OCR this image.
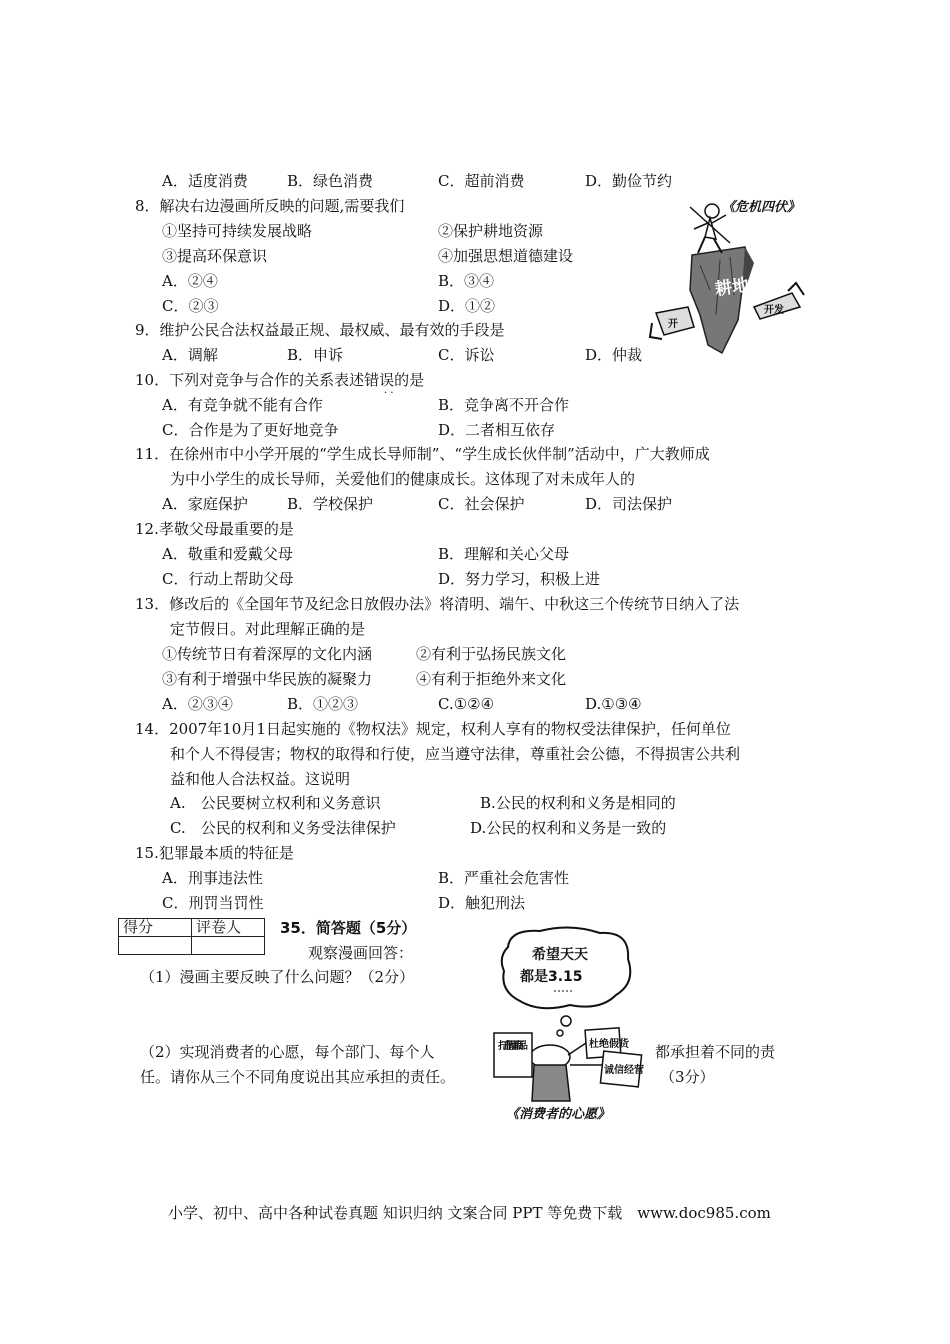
A．适度消费	B．绿色消费	C．超前消费	D．勤俭节约
8．解决右边漫画所反映的问题,需要我们
①坚持可持续发展战略	②保护耕地资源
③提高环保意识	④加强思想道德建设
A．②④	B．③④
C．②③	D．①②
《危机四伏》
耕地
开
开发
9．维护公民合法权益最正规、最权威、最有效的手段是
A．调解	B．申诉	C．诉讼	D．仲裁
10．下列对竞争与合作的关系表述错误的是
· ·
A．有竞争就不能有合作	B．竞争离不开合作
C．合作是为了更好地竞争	D．二者相互依存
11．在徐州市中小学开展的“学生成长导师制”、“学生成长伙伴制”活动中，广大教师成
为中小学生的成长导师，关爱他们的健康成长。这体现了对未成年人的
A．家庭保护	B．学校保护	C．社会保护	D．司法保护
12.孝敬父母最重要的是
A．敬重和爱戴父母	B．理解和关心父母
C．行动上帮助父母	D．努力学习，积极上进
13．修改后的《全国年节及纪念日放假办法》将清明、端午、中秋这三个传统节日纳入了法
定节假日。对此理解正确的是
①传统节日有着深厚的文化内涵	②有利于弘扬民族文化
③有利于增强中华民族的凝聚力	④有利于拒绝外来文化
A．②③④	B．①②③	C.①②④	D.①③④
14．2007年10月1日起实施的《物权法》规定，权利人享有的物权受法律保护，任何单位
和个人不得侵害；物权的取得和行使，应当遵守法律，尊重社会公德，不得损害公共利
益和他人合法权益。这说明
A.　公民要树立权利和义务意识	B.公民的权利和义务是相同的
C.　公民的权利和义务受法律保护	D.公民的权利和义务是一致的
15.犯罪最本质的特征是
A．刑事违法性	B．严重社会危害性
C．刑罚当罚性	D．触犯刑法
得分	评卷人
		35．简答题（5分）
观察漫画回答：
（1）漫画主要反映了什么问题？（2分）
（2）实现消费者的心愿，每个部门、每个人	都承担着不同的责
任。请你从三个不同角度说出其应承担的责任。	（3分）
希望天天
都是3.15
打击假冒商品	杜绝假货
诚信经营
《消费者的心愿》
小学、初中、高中各种试卷真题 知识归纳 文案合同 PPT 等免费下载　www.doc985.com
